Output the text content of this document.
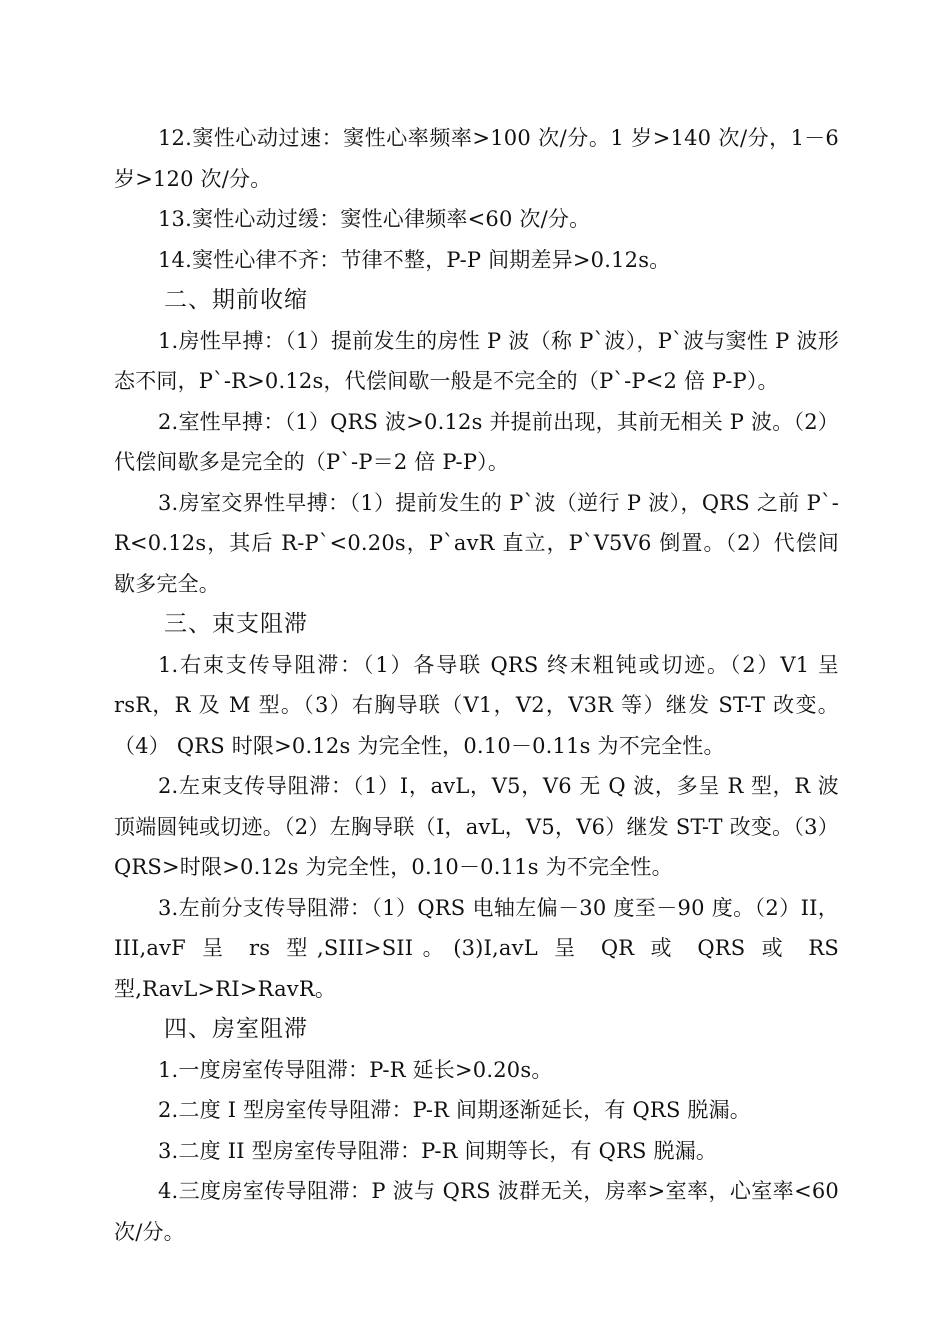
12.窦性心动过速：窦性心率频率>100 次/分。1 岁>140 次/分，1－6 岁>120 次/分。

13.窦性心动过缓：窦性心律频率<60 次/分。

14.窦性心律不齐：节律不整，P-P 间期差异>0.12s。

二、期前收缩

1.房性早搏：（1）提前发生的房性 P 波（称 P`波），P`波与窦性 P 波形态不同，P`-R>0.12s，代偿间歇一般是不完全的（P`-P<2 倍 P-P）。

2.室性早搏：（1）QRS 波>0.12s 并提前出现，其前无相关 P 波。（2）代偿间歇多是完全的（P`-P＝2 倍 P-P）。

3.房室交界性早搏：（1）提前发生的 P`波（逆行 P 波），QRS 之前 P`-R<0.12s，其后 R-P`<0.20s，P`avR 直立，P`V5V6 倒置。（2）代偿间歇多完全。

三、束支阻滞

1.右束支传导阻滞：（1）各导联 QRS 终末粗钝或切迹。（2）V1 呈 rsR，R 及 M 型。（3）右胸导联（V1，V2，V3R 等）继发 ST-T 改变。（4） QRS 时限>0.12s 为完全性，0.10－0.11s 为不完全性。

2.左束支传导阻滞：（1）I，avL，V5，V6 无 Q 波，多呈 R 型，R 波顶端圆钝或切迹。（2）左胸导联（I，avL，V5，V6）继发 ST-T 改变。（3）QRS>时限>0.12s 为完全性，0.10－0.11s 为不完全性。

3.左前分支传导阻滞：（1）QRS 电轴左偏－30 度至－90 度。（2）II，III,avF 呈 rs 型,SIII>SII。(3)I,avL 呈 QR 或 QRS 或 RS 型,RavL>RI>RavR。

四、房室阻滞

1.一度房室传导阻滞：P-R 延长>0.20s。

2.二度 I 型房室传导阻滞：P-R 间期逐渐延长，有 QRS 脱漏。

3.二度 II 型房室传导阻滞：P-R 间期等长，有 QRS 脱漏。

4.三度房室传导阻滞：P 波与 QRS 波群无关，房率>室率，心室率<60 次/分。
